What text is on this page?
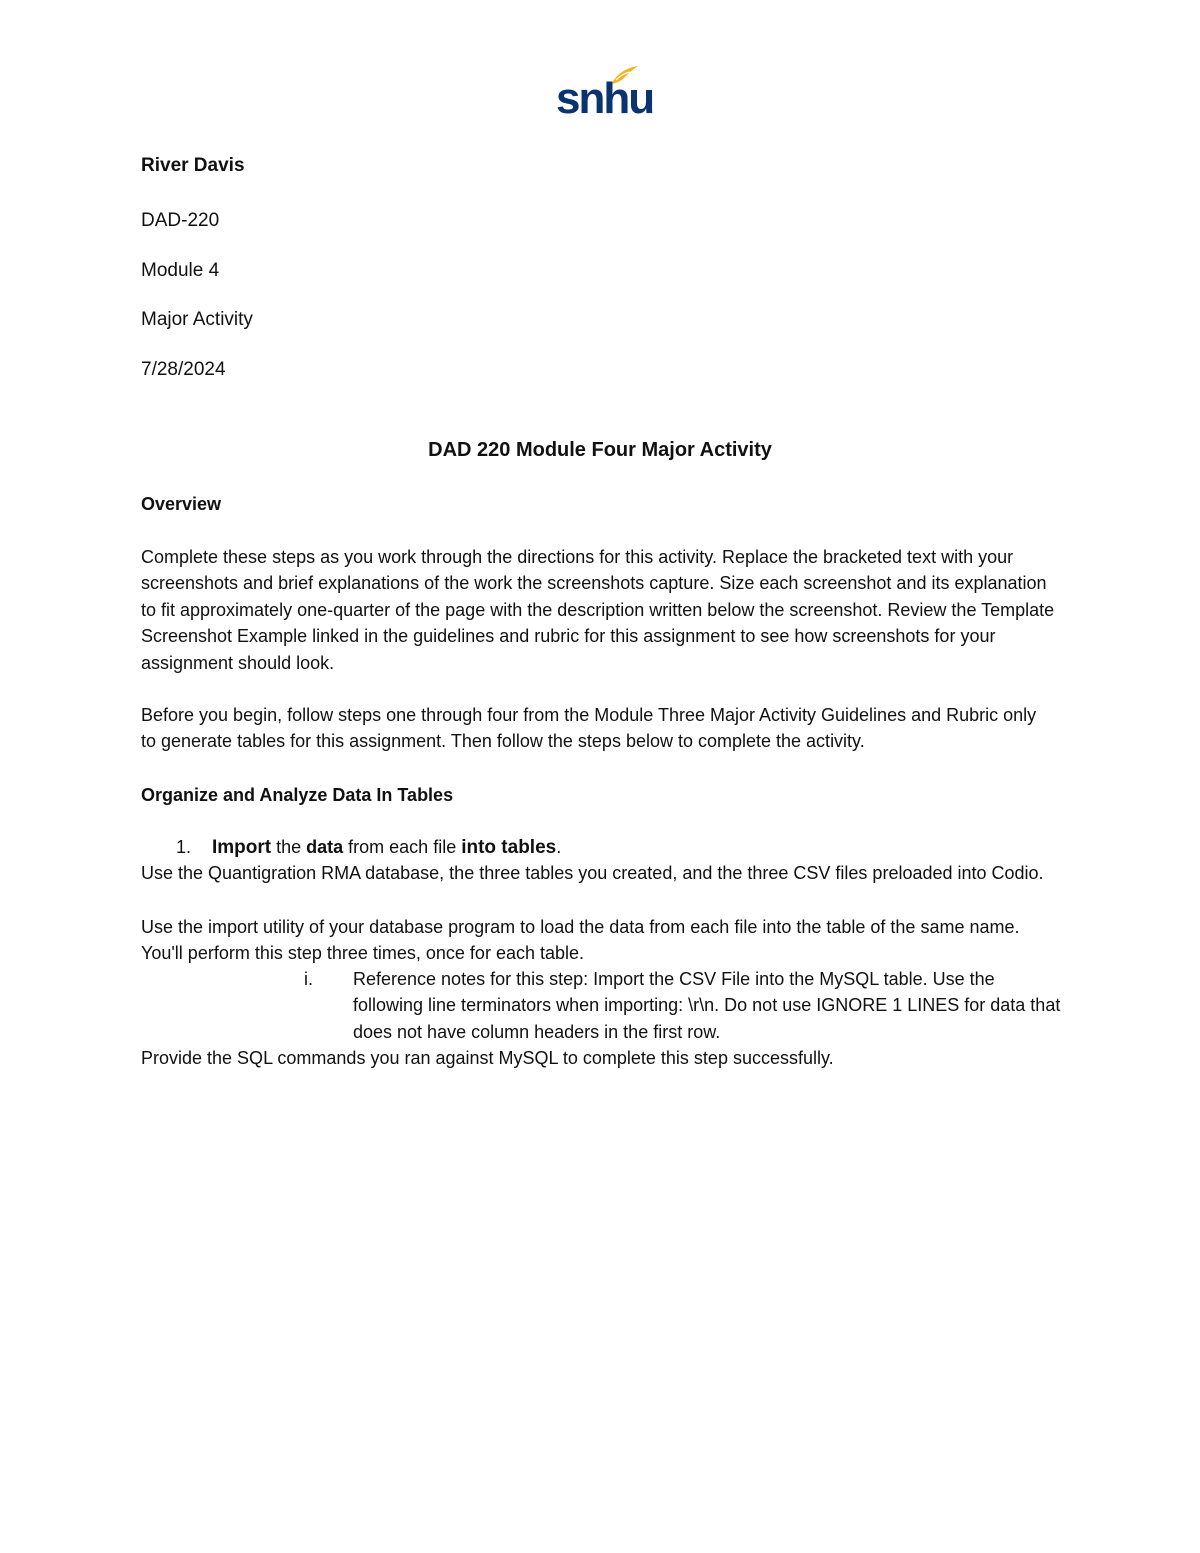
snhu
River Davis
DAD-220
Module 4
Major Activity
7/28/2024
DAD 220 Module Four Major Activity
Overview
Complete these steps as you work through the directions for this activity. Replace the bracketed text with your screenshots and brief explanations of the work the screenshots capture. Size each screenshot and its explanation to fit approximately one-quarter of the page with the description written below the screenshot. Review the Template Screenshot Example linked in the guidelines and rubric for this assignment to see how screenshots for your assignment should look.
Before you begin, follow steps one through four from the Module Three Major Activity Guidelines and Rubric only to generate tables for this assignment. Then follow the steps below to complete the activity.
Organize and Analyze Data In Tables
1. Import the data from each file into tables.
Use the Quantigration RMA database, the three tables you created, and the three CSV files preloaded into Codio.
Use the import utility of your database program to load the data from each file into the table of the same name. You'll perform this step three times, once for each table.
i. Reference notes for this step: Import the CSV File into the MySQL table. Use the following line terminators when importing: \r\n. Do not use IGNORE 1 LINES for data that does not have column headers in the first row.
Provide the SQL commands you ran against MySQL to complete this step successfully.
